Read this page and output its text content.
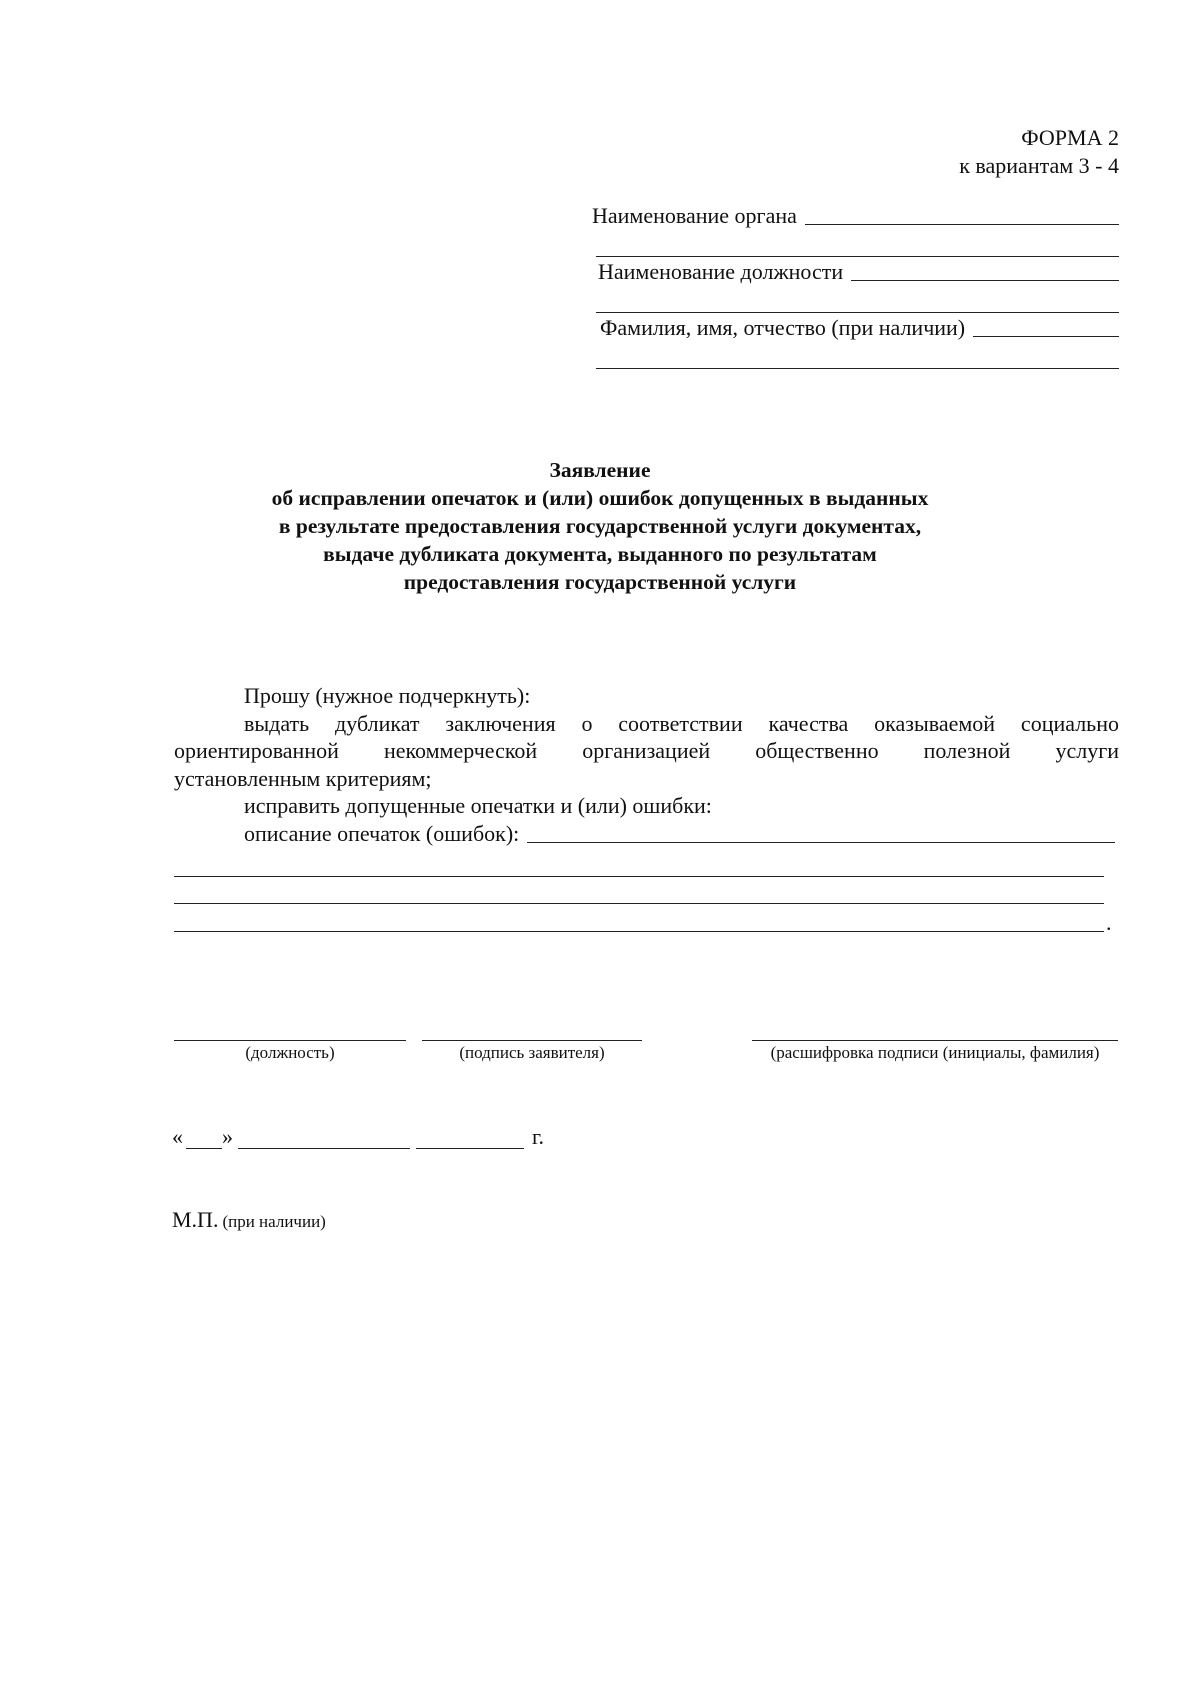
ФОРМА 2
к вариантам 3 - 4
Наименование органа
Наименование должности
Фамилия, имя, отчество (при наличии)
Заявление
об исправлении опечаток и (или) ошибок допущенных в выданных
в результате предоставления государственной услуги документах,
выдаче дубликата документа, выданного по результатам
предоставления государственной услуги
Прошу (нужное подчеркнуть):
выдать дубликат заключения о соответствии качества оказываемой социально
ориентированной некоммерческой организацией общественно полезной услуги
установленным критериям;
исправить допущенные опечатки и (или) ошибки:
описание опечаток (ошибок):
.
(должность)	(подпись заявителя)	(расшифровка подписи (инициалы, фамилия)
« »	г.
М.П. (при наличии)
